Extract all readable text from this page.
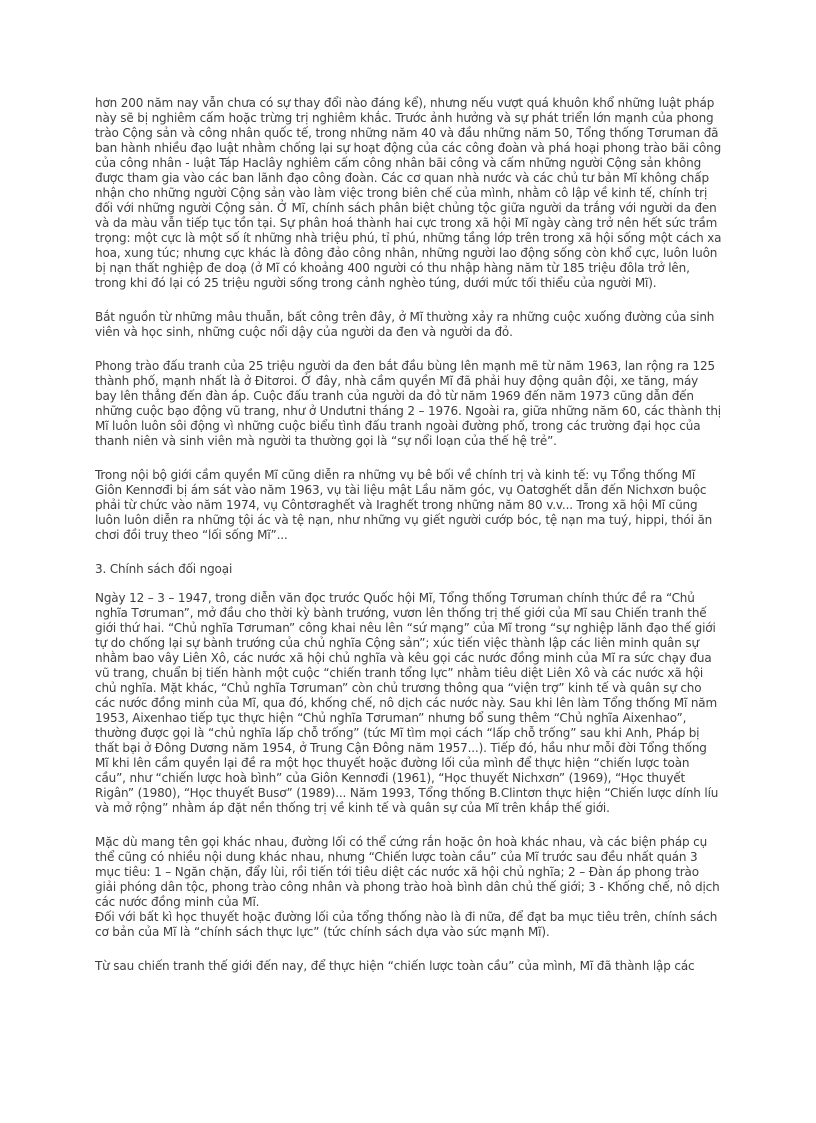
hơn 200 năm nay vẫn chưa có sự thay đổi nào đáng kể), nhưng nếu vượt quá khuôn khổ những luật pháp này sẽ bị nghiêm cấm hoặc trừng trị nghiêm khắc. Trước ảnh hưởng và sự phát triển lớn mạnh của phong trào Cộng sản và công nhân quốc tế, trong những năm 40 và đầu những năm 50, Tổng thống Tơruman đã ban hành nhiều đạo luật nhằm chống lại sự hoạt động của các công đoàn và phá hoại phong trào bãi công của công nhân - luật Táp Haclây nghiêm cấm công nhân bãi công và cấm những người Cộng sản không được tham gia vào các ban lãnh đạo công đoàn. Các cơ quan nhà nước và các chủ tư bản Mĩ không chấp nhận cho những người Cộng sản vào làm việc trong biên chế của mình, nhằm cô lập về kinh tế, chính trị đối với những người Cộng sản. Ở Mĩ, chính sách phân biệt chủng tộc giữa người da trắng với người da đen và da màu vẫn tiếp tục tồn tại. Sự phân hoá thành hai cực trong xã hội Mĩ ngày càng trở nên hết sức trầm trọng: một cực là một số ít những nhà triệu phú, tỉ phú, những tầng lớp trên trong xã hội sống một cách xa hoa, xung túc; nhưng cực khác là đông đảo công nhân, những người lao động sống còn khổ cực, luôn luôn bị nạn thất nghiệp đe doạ (ở Mĩ có khoảng 400 người có thu nhập hàng năm từ 185 triệu đôla trở lên, trong khi đó lại có 25 triệu người sống trong cảnh nghèo túng, dưới mức tối thiểu của người Mĩ).

Bắt nguồn từ những mâu thuẫn, bất công trên đây, ở Mĩ thường xảy ra những cuộc xuống đường của sinh viên và học sinh, những cuộc nổi dậy của người da đen và người da đỏ.

Phong trào đấu tranh của 25 triệu người da đen bắt đầu bùng lên mạnh mẽ từ năm 1963, lan rộng ra 125 thành phố, mạnh nhất là ở Đitơroi. Ở đây, nhà cầm quyền Mĩ đã phải huy động quân đội, xe tăng, máy bay lên thẳng đến đàn áp. Cuộc đấu tranh của người da đỏ từ năm 1969 đến năm 1973 cũng dẫn đến những cuộc bạo động vũ trang, như ở Undưtni tháng 2 – 1976. Ngoài ra, giữa những năm 60, các thành thị Mĩ luôn luôn sôi động vì những cuộc biểu tình đấu tranh ngoài đường phố, trong các trường đại học của thanh niên và sinh viên mà người ta thường gọi là “sự nổi loạn của thế hệ trẻ”.

Trong nội bộ giới cầm quyền Mĩ cũng diễn ra những vụ bê bối về chính trị và kinh tế: vụ Tổng thống Mĩ Giôn Kennơđi bị ám sát vào năm 1963, vụ tài liệu mật Lầu năm góc, vụ Oatơghết dẫn đến Nichxơn buộc phải từ chức vào năm 1974, vụ Côntơraghết và Iraghết trong những năm 80 v.v... Trong xã hội Mĩ cũng luôn luôn diễn ra những tội ác và tệ nạn, như những vụ giết người cướp bóc, tệ nạn ma tuý, hippi, thói ăn chơi đồi truỵ theo “lối sống Mĩ”...

3. Chính sách đối ngoại

Ngày 12 – 3 – 1947, trong diễn văn đọc trước Quốc hội Mĩ, Tổng thống Tơruman chính thức đề ra “Chủ nghĩa Tơruman”, mở đầu cho thời kỳ bành trướng, vươn lên thống trị thế giới của Mĩ sau Chiến tranh thế giới thứ hai. “Chủ nghĩa Tơruman” công khai nêu lên “sứ mạng” của Mĩ trong “sự nghiệp lãnh đạo thế giới tự do chống lại sự bành trướng của chủ nghĩa Cộng sản”; xúc tiến việc thành lập các liên minh quân sự nhằm bao vây Liên Xô, các nước xã hội chủ nghĩa và kêu gọi các nước đồng minh của Mĩ ra sức chạy đua vũ trang, chuẩn bị tiến hành một cuộc “chiến tranh tổng lực” nhằm tiêu diệt Liên Xô và các nước xã hội chủ nghĩa. Mặt khác, “Chủ nghĩa Tơruman” còn chủ trương thông qua “viện trợ” kinh tế và quân sự cho các nước đồng minh của Mĩ, qua đó, khống chế, nô dịch các nước này. Sau khi lên làm Tổng thống Mĩ năm 1953, Aixenhao tiếp tục thực hiện “Chủ nghĩa Tơruman” nhưng bổ sung thêm “Chủ nghĩa Aixenhao”, thường được gọi là “chủ nghĩa lấp chỗ trống” (tức Mĩ tìm mọi cách “lấp chỗ trống” sau khi Anh, Pháp bị thất bại ở Đông Dương năm 1954, ở Trung Cận Đông năm 1957...). Tiếp đó, hầu như mỗi đời Tổng thống Mĩ khi lên cầm quyền lại đề ra một học thuyết hoặc đường lối của mình để thực hiện “chiến lược toàn cầu”, như “chiến lược hoà bình” của Giôn Kennơđi (1961), “Học thuyết Nichxơn” (1969), “Học thuyết Rigân” (1980), “Học thuyết Busơ” (1989)... Năm 1993, Tổng thống B.Clintơn thực hiện “Chiến lược dính líu và mở rộng” nhằm áp đặt nền thống trị về kinh tế và quân sự của Mĩ trên khắp thế giới.

Mặc dù mang tên gọi khác nhau, đường lối có thể cứng rắn hoặc ôn hoà khác nhau, và các biện pháp cụ thể cũng có nhiều nội dung khác nhau, nhưng “Chiến lược toàn cầu” của Mĩ trước sau đều nhất quán 3 mục tiêu: 1 – Ngăn chặn, đẩy lùi, rồi tiến tới tiêu diệt các nước xã hội chủ nghĩa; 2 – Đàn áp phong trào giải phóng dân tộc, phong trào công nhân và phong trào hoà bình dân chủ thế giới; 3 - Khống chế, nô dịch các nước đồng minh của Mĩ.

Đối với bất kì học thuyết hoặc đường lối của tổng thống nào là đi nữa, để đạt ba mục tiêu trên, chính sách cơ bản của Mĩ là “chính sách thực lực” (tức chính sách dựa vào sức mạnh Mĩ).

Từ sau chiến tranh thế giới đến nay, để thực hiện “chiến lược toàn cầu” của mình, Mĩ đã thành lập các
